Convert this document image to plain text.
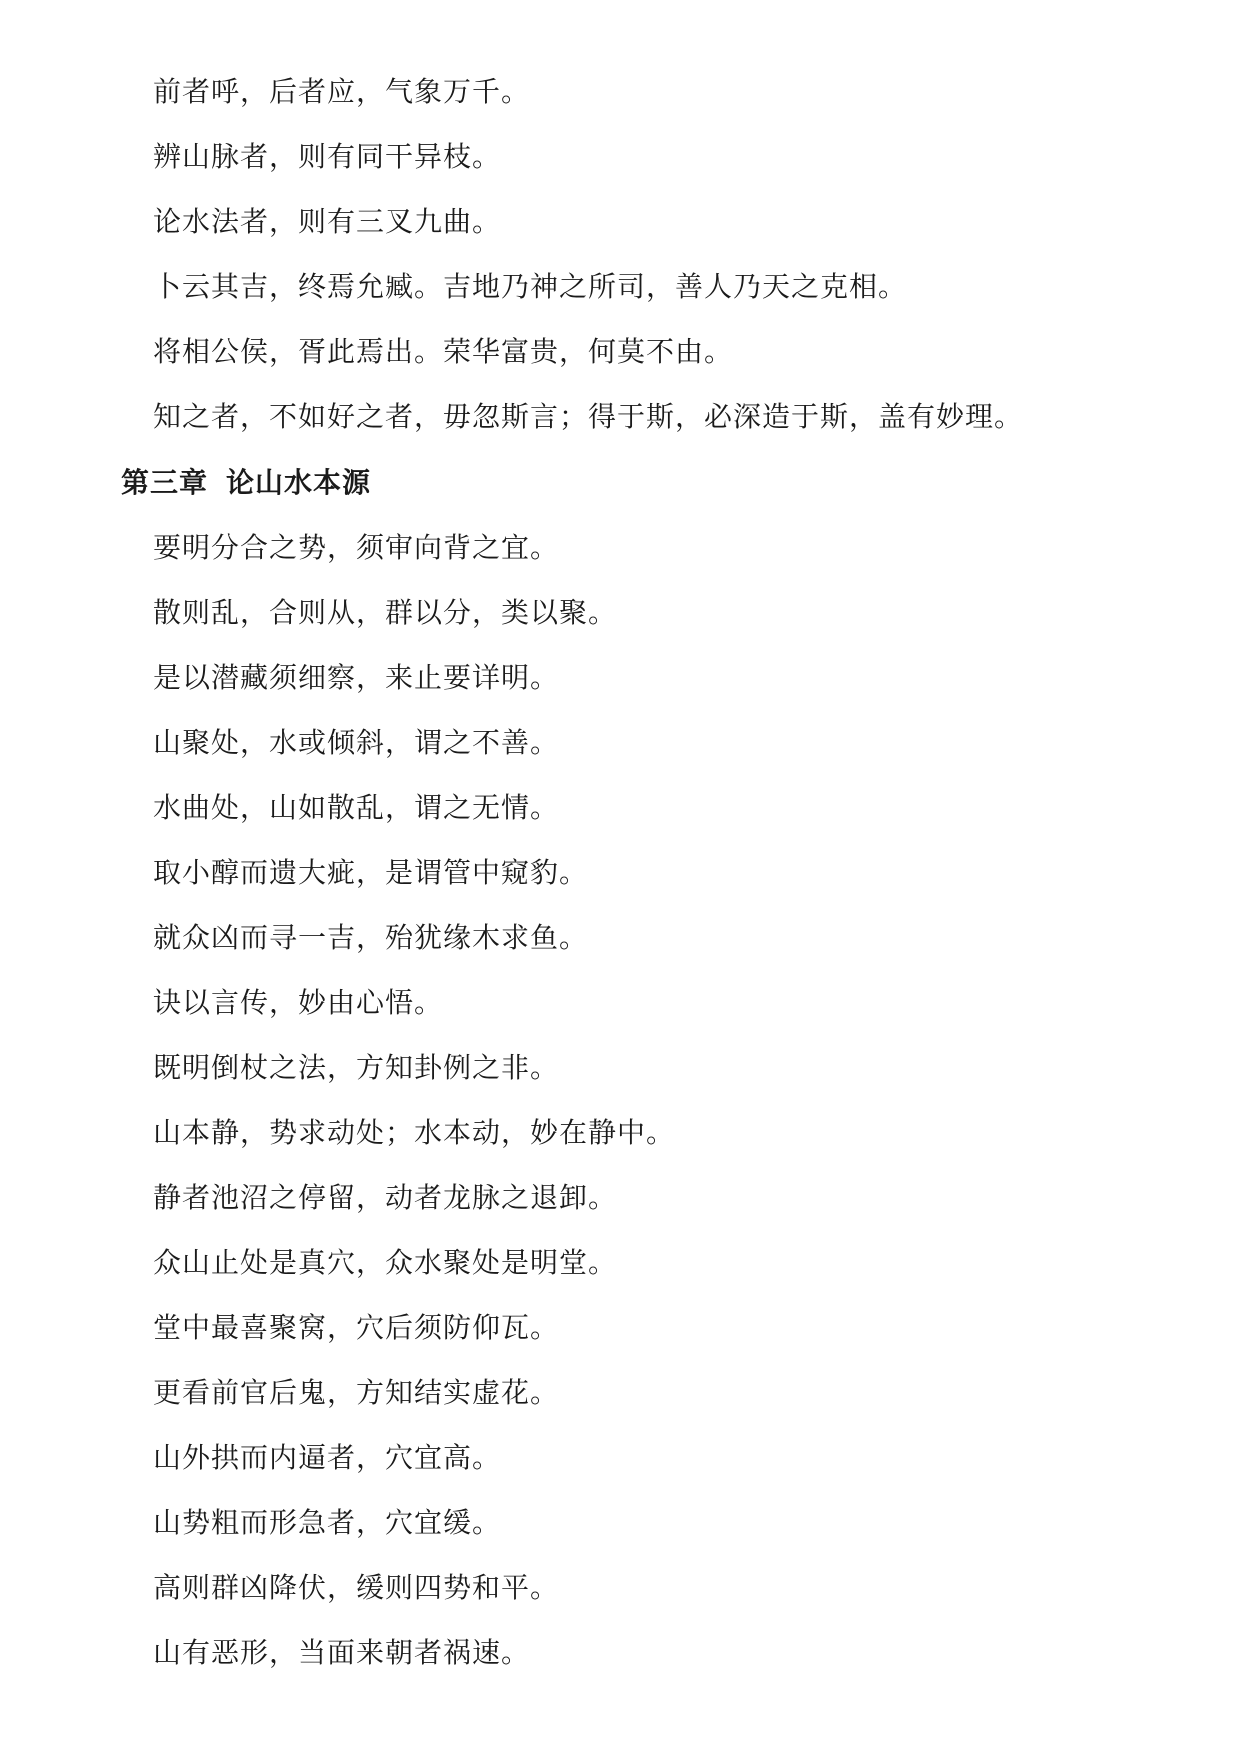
前者呼，后者应，气象万千。

辨山脉者，则有同干异枝。

论水法者，则有三叉九曲。

卜云其吉，终焉允臧。吉地乃神之所司，善人乃天之克相。

将相公侯，胥此焉出。荣华富贵，何莫不由。

知之者，不如好之者，毋忽斯言；得于斯，必深造于斯，盖有妙理。

第三章 论山水本源

要明分合之势，须审向背之宜。

散则乱，合则从，群以分，类以聚。

是以潜藏须细察，来止要详明。

山聚处，水或倾斜，谓之不善。

水曲处，山如散乱，谓之无情。

取小醇而遗大疵，是谓管中窥豹。

就众凶而寻一吉，殆犹缘木求鱼。

诀以言传，妙由心悟。

既明倒杖之法，方知卦例之非。

山本静，势求动处；水本动，妙在静中。

静者池沼之停留，动者龙脉之退卸。

众山止处是真穴，众水聚处是明堂。

堂中最喜聚窝，穴后须防仰瓦。

更看前官后鬼，方知结实虚花。

山外拱而内逼者，穴宜高。

山势粗而形急者，穴宜缓。

高则群凶降伏，缓则四势和平。

山有恶形，当面来朝者祸速。
